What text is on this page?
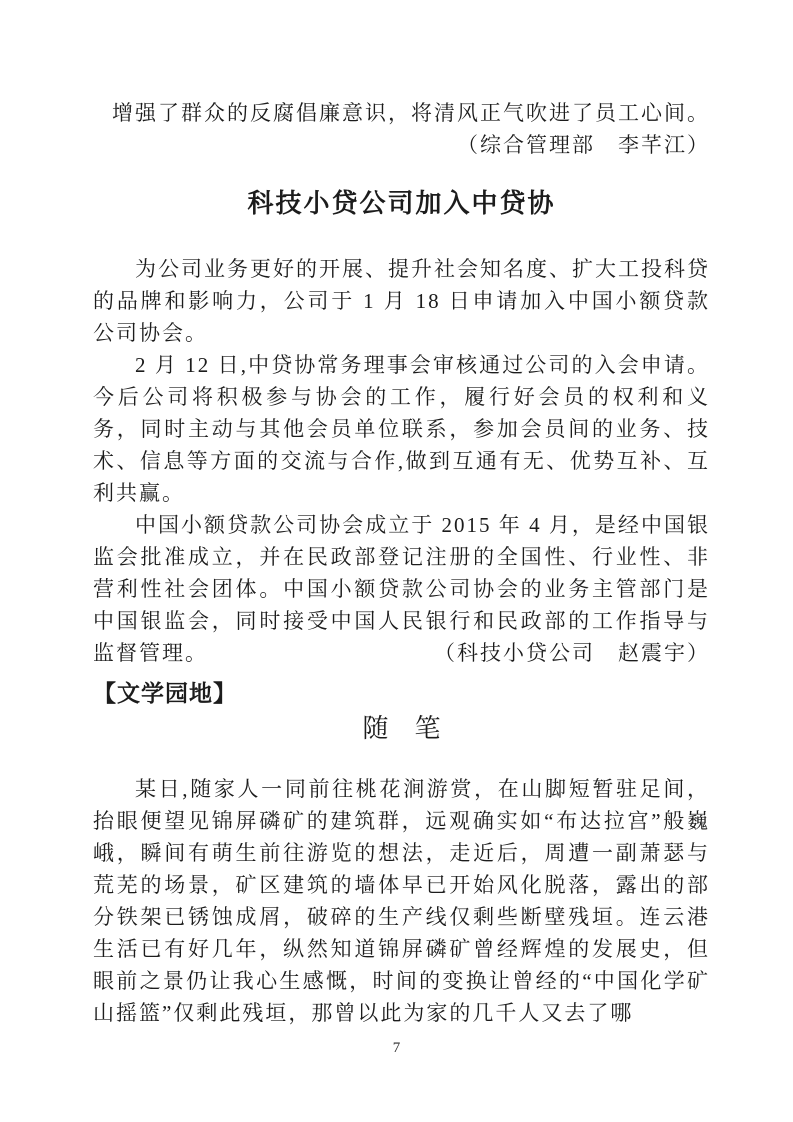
增强了群众的反腐倡廉意识，将清风正气吹进了员工心间。
（综合管理部　李芊江）
科技小贷公司加入中贷协

为公司业务更好的开展、提升社会知名度、扩大工投科贷的品牌和影响力，公司于 1 月 18 日申请加入中国小额贷款公司协会。

2 月 12 日,中贷协常务理事会审核通过公司的入会申请。今后公司将积极参与协会的工作，履行好会员的权利和义务，同时主动与其他会员单位联系，参加会员间的业务、技术、信息等方面的交流与合作,做到互通有无、优势互补、互利共赢。

中国小额贷款公司协会成立于 2015 年 4 月，是经中国银监会批准成立，并在民政部登记注册的全国性、行业性、非营利性社会团体。中国小额贷款公司协会的业务主管部门是中国银监会，同时接受中国人民银行和民政部的工作指导与监督管理。	（科技小贷公司　赵震宇）

【文学园地】
随　笔

某日,随家人一同前往桃花涧游赏，在山脚短暂驻足间，抬眼便望见锦屏磷矿的建筑群，远观确实如“布达拉宫”般巍峨，瞬间有萌生前往游览的想法，走近后，周遭一副萧瑟与荒芜的场景，矿区建筑的墙体早已开始风化脱落，露出的部分铁架已锈蚀成屑，破碎的生产线仅剩些断壁残垣。连云港生活已有好几年，纵然知道锦屏磷矿曾经辉煌的发展史，但眼前之景仍让我心生感慨，时间的变换让曾经的“中国化学矿山摇篮”仅剩此残垣，那曾以此为家的几千人又去了哪

7
